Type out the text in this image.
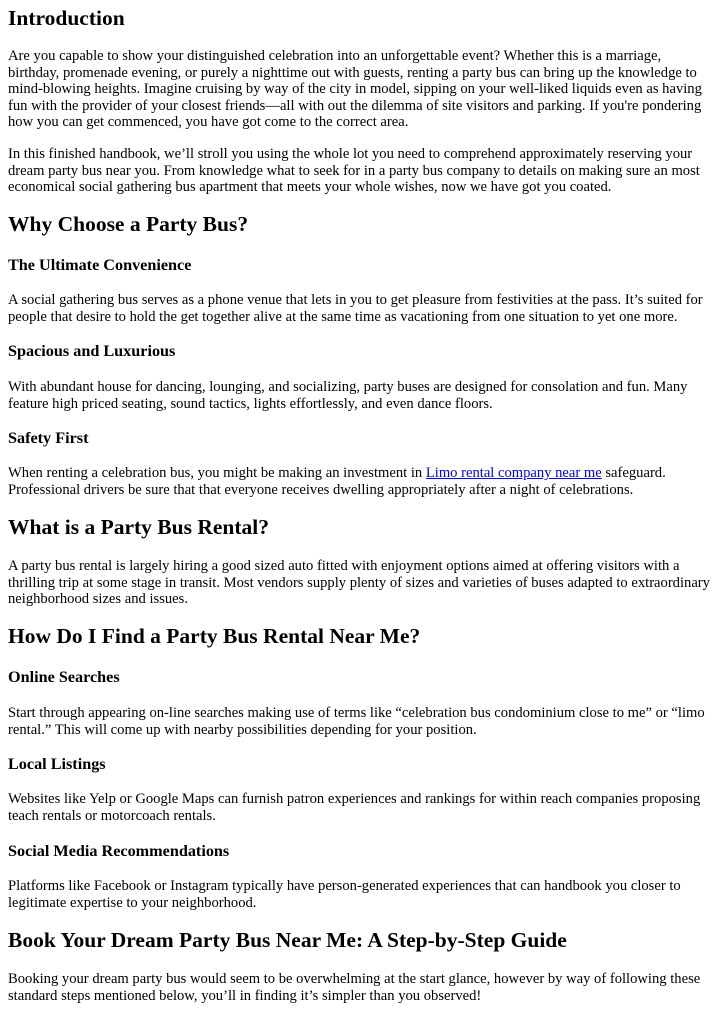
Introduction

Are you capable to show your distinguished celebration into an unforgettable event? Whether this is a marriage, birthday, promenade evening, or purely a nighttime out with guests, renting a party bus can bring up the knowledge to mind-blowing heights. Imagine cruising by way of the city in model, sipping on your well-liked liquids even as having fun with the provider of your closest friends—all with out the dilemma of site visitors and parking. If you're pondering how you can get commenced, you have got come to the correct area.

In this finished handbook, we’ll stroll you using the whole lot you need to comprehend approximately reserving your dream party bus near you. From knowledge what to seek for in a party bus company to details on making sure an most economical social gathering bus apartment that meets your whole wishes, now we have got you coated.

Why Choose a Party Bus?
The Ultimate Convenience

A social gathering bus serves as a phone venue that lets in you to get pleasure from festivities at the pass. It’s suited for people that desire to hold the get together alive at the same time as vacationing from one situation to yet one more.

Spacious and Luxurious

With abundant house for dancing, lounging, and socializing, party buses are designed for consolation and fun. Many feature high priced seating, sound tactics, lights effortlessly, and even dance floors.

Safety First

When renting a celebration bus, you might be making an investment in Limo rental company near me safeguard. Professional drivers be sure that that everyone receives dwelling appropriately after a night of celebrations.

What is a Party Bus Rental?

A party bus rental is largely hiring a good sized auto fitted with enjoyment options aimed at offering visitors with a thrilling trip at some stage in transit. Most vendors supply plenty of sizes and varieties of buses adapted to extraordinary neighborhood sizes and issues.

How Do I Find a Party Bus Rental Near Me?
Online Searches

Start through appearing on-line searches making use of terms like “celebration bus condominium close to me” or “limo rental.” This will come up with nearby possibilities depending for your position.

Local Listings

Websites like Yelp or Google Maps can furnish patron experiences and rankings for within reach companies proposing teach rentals or motorcoach rentals.

Social Media Recommendations

Platforms like Facebook or Instagram typically have person-generated experiences that can handbook you closer to legitimate expertise to your neighborhood.

Book Your Dream Party Bus Near Me: A Step-by-Step Guide

Booking your dream party bus would seem to be overwhelming at the start glance, however by way of following these standard steps mentioned below, you’ll in finding it’s simpler than you observed!
